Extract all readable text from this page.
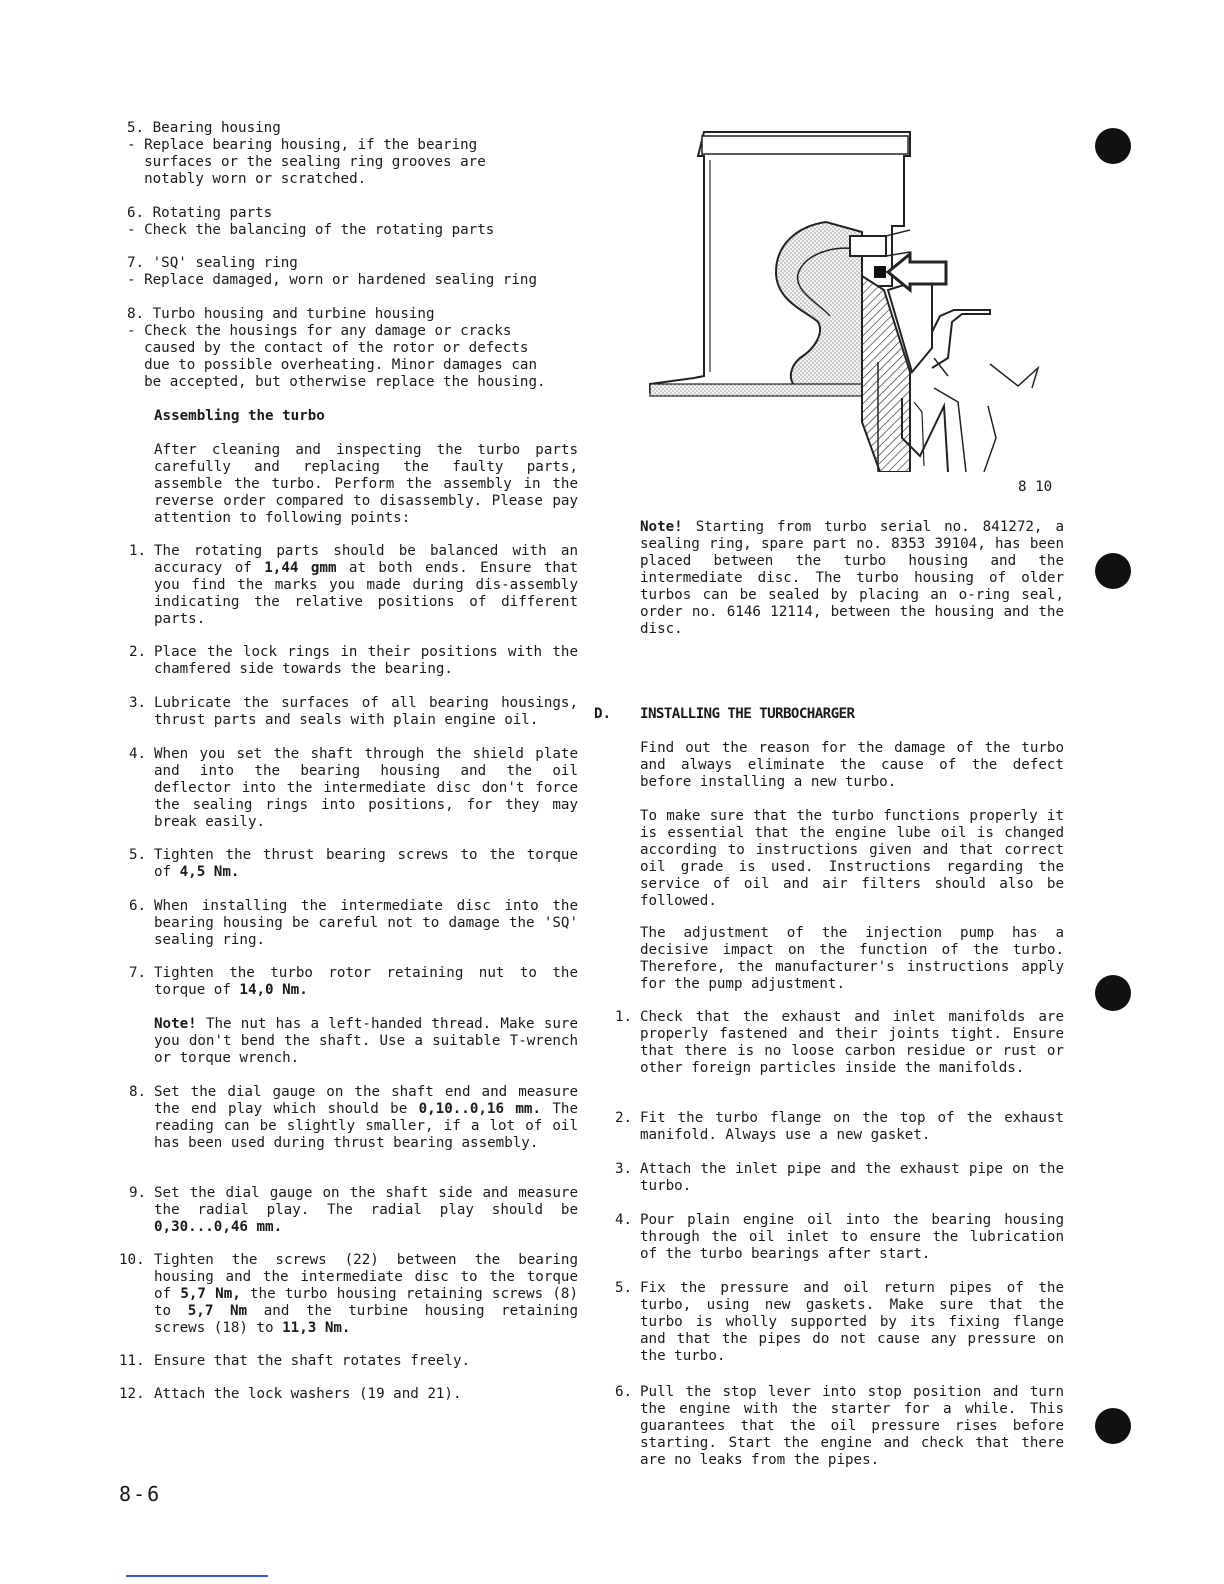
5. Bearing housing
- Replace bearing housing, if the bearing
surfaces or the sealing ring grooves are
notably worn or scratched.
6. Rotating parts
- Check the balancing of the rotating parts
7. 'SQ' sealing ring
- Replace damaged, worn or hardened sealing ring
8. Turbo housing and turbine housing
- Check the housings for any damage or cracks
caused by the contact of the rotor or defects
due to possible overheating. Minor damages can
be accepted, but otherwise replace the housing.
Assembling the turbo
After cleaning and inspecting the turbo parts carefully and replacing the faulty parts, assemble the turbo. Perform the assembly in the reverse order compared to disassembly. Please pay attention to following points:
1. The rotating parts should be balanced with an accuracy of 1,44 gmm at both ends. Ensure that you find the marks you made during dis-assembly indicating the relative positions of different parts.
2. Place the lock rings in their positions with the chamfered side towards the bearing.
3. Lubricate the surfaces of all bearing housings, thrust parts and seals with plain engine oil.
4. When you set the shaft through the shield plate and into the bearing housing and the oil deflector into the intermediate disc don't force the sealing rings into positions, for they may break easily.
5. Tighten the thrust bearing screws to the torque of 4,5 Nm.
6. When installing the intermediate disc into the bearing housing be careful not to damage the 'SQ' sealing ring.
7. Tighten the turbo rotor retaining nut to the torque of 14,0 Nm.
Note! The nut has a left-handed thread. Make sure you don't bend the shaft. Use a suitable T-wrench or torque wrench.
8. Set the dial gauge on the shaft end and measure the end play which should be 0,10..0,16 mm. The reading can be slightly smaller, if a lot of oil has been used during thrust bearing assembly.
9. Set the dial gauge on the shaft side and measure the radial play. The radial play should be 0,30...0,46 mm.
10. Tighten the screws (22) between the bearing housing and the intermediate disc to the torque of 5,7 Nm, the turbo housing retaining screws (8) to 5,7 Nm and the turbine housing retaining screws (18) to 11,3 Nm.
11. Ensure that the shaft rotates freely.
12. Attach the lock washers (19 and 21).
8-6
8 10
Note! Starting from turbo serial no. 841272, a sealing ring, spare part no. 8353 39104, has been placed between the turbo housing and the intermediate disc. The turbo housing of older turbos can be sealed by placing an o-ring seal, order no. 6146 12114, between the housing and the disc.
D. INSTALLING THE TURBOCHARGER
Find out the reason for the damage of the turbo and always eliminate the cause of the defect before installing a new turbo.
To make sure that the turbo functions properly it is essential that the engine lube oil is changed according to instructions given and that correct oil grade is used. Instructions regarding the service of oil and air filters should also be followed.
The adjustment of the injection pump has a decisive impact on the function of the turbo. Therefore, the manufacturer's instructions apply for the pump adjustment.
1. Check that the exhaust and inlet manifolds are properly fastened and their joints tight. Ensure that there is no loose carbon residue or rust or other foreign particles inside the manifolds.
2. Fit the turbo flange on the top of the exhaust manifold. Always use a new gasket.
3. Attach the inlet pipe and the exhaust pipe on the turbo.
4. Pour plain engine oil into the bearing housing through the oil inlet to ensure the lubrication of the turbo bearings after start.
5. Fix the pressure and oil return pipes of the turbo, using new gaskets. Make sure that the turbo is wholly supported by its fixing flange and that the pipes do not cause any pressure on the turbo.
6. Pull the stop lever into stop position and turn the engine with the starter for a while. This guarantees that the oil pressure rises before starting. Start the engine and check that there are no leaks from the pipes.
